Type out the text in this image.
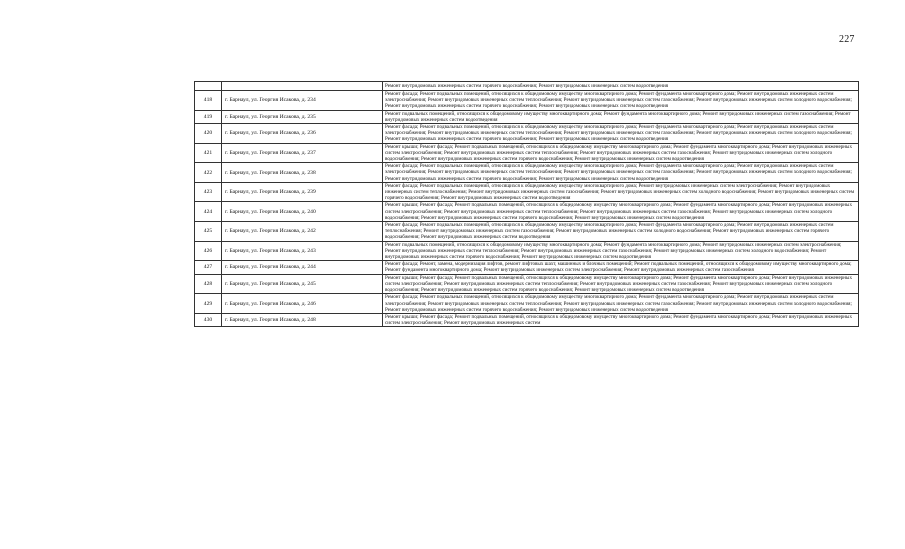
227
		Ремонт внутридомовых инженерных систем горячего водоснабжения; Ремонт внутридомовых инженерных систем водоотведения
418	г. Барнаул, ул. Георгия Исакова, д. 234	Ремонт фасада; Ремонт подвальных помещений, относящихся к общедомовому имуществу многоквартирного дома; Ремонт фундамента многоквартирного дома; Ремонт внутридомовых инженерных систем электроснабжения; Ремонт внутридомовых инженерных систем теплоснабжения; Ремонт внутридомовых инженерных систем газоснабжения; Ремонт внутридомовых инженерных систем холодного водоснабжения; Ремонт внутридомовых инженерных систем горячего водоснабжения; Ремонт внутридомовых инженерных систем водоотведения
419	г. Барнаул, ул. Георгия Исакова, д. 235	Ремонт подвальных помещений, относящихся к общедомовому имуществу многоквартирного дома; Ремонт фундамента многоквартирного дома; Ремонт внутридомовых инженерных систем газоснабжения; Ремонт внутридомовых инженерных систем водоотведения
420	г. Барнаул, ул. Георгия Исакова, д. 236	Ремонт фасада; Ремонт подвальных помещений, относящихся к общедомовому имуществу многоквартирного дома; Ремонт фундамента многоквартирного дома; Ремонт внутридомовых инженерных систем электроснабжения; Ремонт внутридомовых инженерных систем теплоснабжения; Ремонт внутридомовых инженерных систем газоснабжения; Ремонт внутридомовых инженерных систем холодного водоснабжения; Ремонт внутридомовых инженерных систем горячего водоснабжения; Ремонт внутридомовых инженерных систем водоотведения
421	г. Барнаул, ул. Георгия Исакова, д. 237	Ремонт крыши; Ремонт фасада; Ремонт подвальных помещений, относящихся к общедомовому имуществу многоквартирного дома; Ремонт фундамента многоквартирного дома; Ремонт внутридомовых инженерных систем электроснабжения; Ремонт внутридомовых инженерных систем теплоснабжения; Ремонт внутридомовых инженерных систем газоснабжения; Ремонт внутридомовых инженерных систем холодного водоснабжения; Ремонт внутридомовых инженерных систем горячего водоснабжения; Ремонт внутридомовых инженерных систем водоотведения
422	г. Барнаул, ул. Георгия Исакова, д. 238	Ремонт фасада; Ремонт подвальных помещений, относящихся к общедомовому имуществу многоквартирного дома; Ремонт фундамента многоквартирного дома; Ремонт внутридомовых инженерных систем электроснабжения; Ремонт внутридомовых инженерных систем теплоснабжения; Ремонт внутридомовых инженерных систем газоснабжения; Ремонт внутридомовых инженерных систем холодного водоснабжения; Ремонт внутридомовых инженерных систем горячего водоснабжения; Ремонт внутридомовых инженерных систем водоотведения
423	г. Барнаул, ул. Георгия Исакова, д. 239	Ремонт фасада; Ремонт подвальных помещений, относящихся к общедомовому имуществу многоквартирного дома; Ремонт внутридомовых инженерных систем электроснабжения; Ремонт внутридомовых инженерных систем теплоснабжения; Ремонт внутридомовых инженерных систем газоснабжения; Ремонт внутридомовых инженерных систем холодного водоснабжения; Ремонт внутридомовых инженерных систем горячего водоснабжения; Ремонт внутридомовых инженерных систем водоотведения
424	г. Барнаул, ул. Георгия Исакова, д. 240	Ремонт крыши; Ремонт фасада; Ремонт подвальных помещений, относящихся к общедомовому имуществу многоквартирного дома; Ремонт фундамента многоквартирного дома; Ремонт внутридомовых инженерных систем электроснабжения; Ремонт внутридомовых инженерных систем теплоснабжения; Ремонт внутридомовых инженерных систем газоснабжения; Ремонт внутридомовых инженерных систем холодного водоснабжения; Ремонт внутридомовых инженерных систем горячего водоснабжения; Ремонт внутридомовых инженерных систем водоотведения
425	г. Барнаул, ул. Георгия Исакова, д. 242	Ремонт фасада; Ремонт подвальных помещений, относящихся к общедомовому имуществу многоквартирного дома; Ремонт фундамента многоквартирного дома; Ремонт внутридомовых инженерных систем теплоснабжения; Ремонт внутридомовых инженерных систем газоснабжения; Ремонт внутридомовых инженерных систем холодного водоснабжения; Ремонт внутридомовых инженерных систем горячего водоснабжения; Ремонт внутридомовых инженерных систем водоотведения
426	г. Барнаул, ул. Георгия Исакова, д. 243	Ремонт подвальных помещений, относящихся к общедомовому имуществу многоквартирного дома; Ремонт фундамента многоквартирного дома; Ремонт внутридомовых инженерных систем электроснабжения; Ремонт внутридомовых инженерных систем теплоснабжения; Ремонт внутридомовых инженерных систем газоснабжения; Ремонт внутридомовых инженерных систем холодного водоснабжения; Ремонт внутридомовых инженерных систем горячего водоснабжения; Ремонт внутридомовых инженерных систем водоотведения
427	г. Барнаул, ул. Георгия Исакова, д. 244	Ремонт фасада; Ремонт, замена, модернизация лифтов, ремонт лифтовых шахт, машинных и блочных помещений; Ремонт подвальных помещений, относящихся к общедомовому имуществу многоквартирного дома; Ремонт фундамента многоквартирного дома; Ремонт внутридомовых инженерных систем электроснабжения; Ремонт внутридомовых инженерных систем газоснабжения
428	г. Барнаул, ул. Георгия Исакова, д. 245	Ремонт крыши; Ремонт фасада; Ремонт подвальных помещений, относящихся к общедомовому имуществу многоквартирного дома; Ремонт фундамента многоквартирного дома; Ремонт внутридомовых инженерных систем электроснабжения; Ремонт внутридомовых инженерных систем теплоснабжения; Ремонт внутридомовых инженерных систем газоснабжения; Ремонт внутридомовых инженерных систем холодного водоснабжения; Ремонт внутридомовых инженерных систем горячего водоснабжения; Ремонт внутридомовых инженерных систем водоотведения
429	г. Барнаул, ул. Георгия Исакова, д. 246	Ремонт фасада; Ремонт подвальных помещений, относящихся к общедомовому имуществу многоквартирного дома; Ремонт фундамента многоквартирного дома; Ремонт внутридомовых инженерных систем электроснабжения; Ремонт внутридомовых инженерных систем теплоснабжения; Ремонт внутридомовых инженерных систем газоснабжения; Ремонт внутридомовых инженерных систем холодного водоснабжения; Ремонт внутридомовых инженерных систем горячего водоснабжения; Ремонт внутридомовых инженерных систем водоотведения
430	г. Барнаул, ул. Георгия Исакова, д. 248	Ремонт крыши; Ремонт фасада; Ремонт подвальных помещений, относящихся к общедомовому имуществу многоквартирного дома; Ремонт фундамента многоквартирного дома; Ремонт внутридомовых инженерных систем электроснабжения; Ремонт внутридомовых инженерных систем
